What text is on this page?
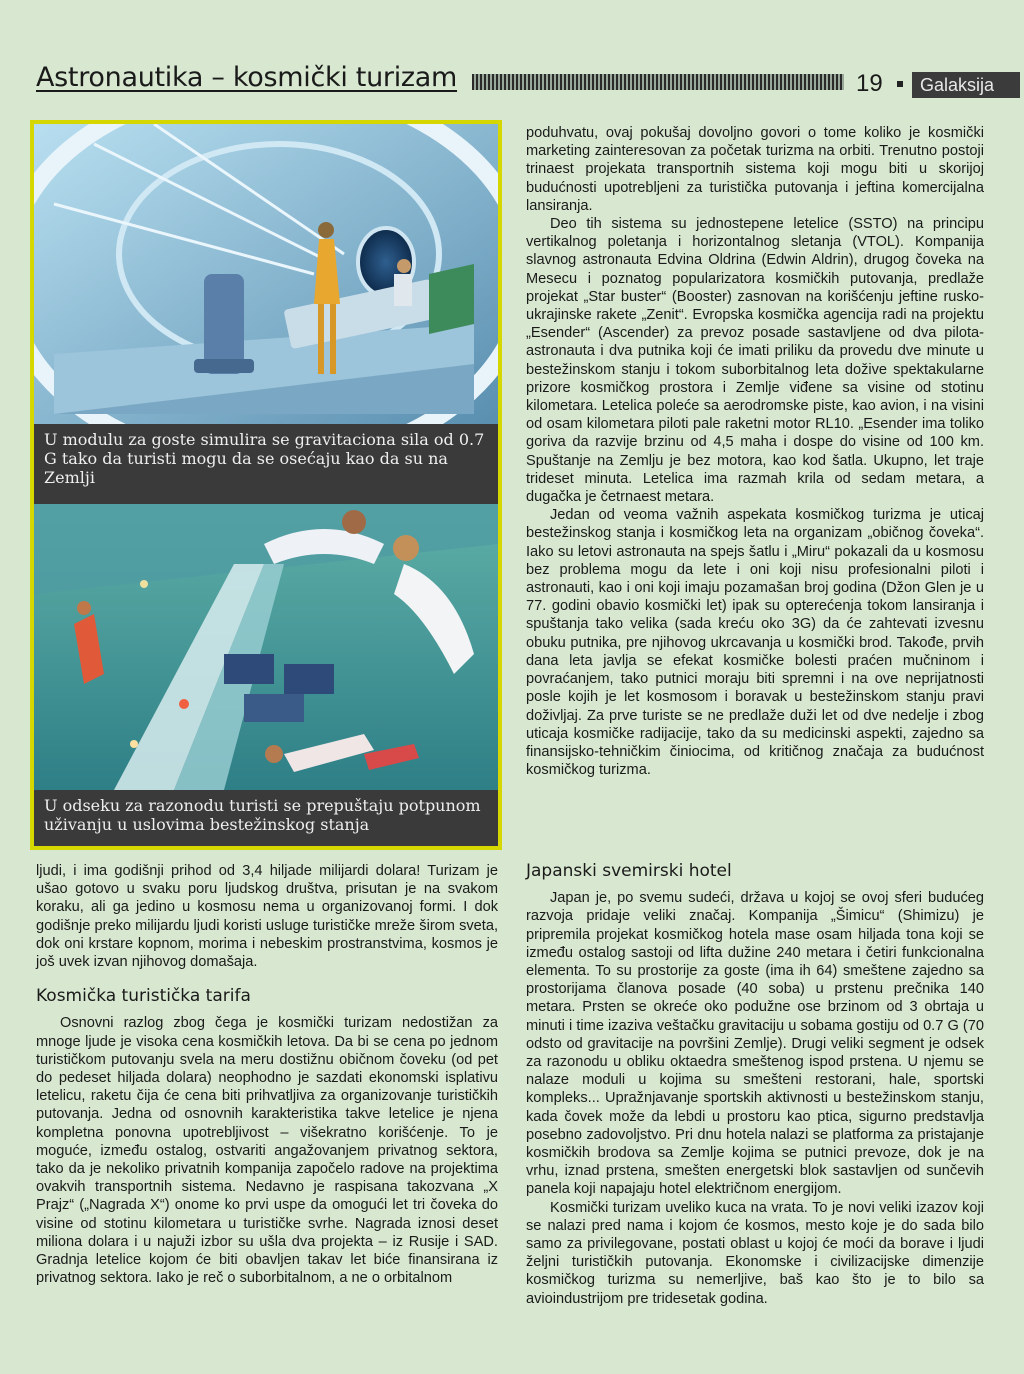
Astronautika – kosmički turizam	19	Galaksija
U modulu za goste simulira se gravitaciona sila od 0.7 G tako da turisti mogu da se osećaju kao da su na Zemlji
U odseku za razonodu turisti se prepuštaju potpunom uživanju u uslovima bestežinskog stanja

ljudi, i ima godišnji prihod od 3,4 hiljade milijardi dolara! Turizam je ušao gotovo u svaku poru ljudskog društva, prisutan je na svakom koraku, ali ga jedino u kosmosu nema u organizovanoj formi. I dok godišnje preko milijardu ljudi koristi usluge turističke mreže širom sveta, dok oni krstare kopnom, morima i nebeskim prostranstvima, kosmos je još uvek izvan njihovog domašaja.

Kosmička turistička tarifa

Osnovni razlog zbog čega je kosmički turizam nedostižan za mnoge ljude je visoka cena kosmičkih letova. Da bi se cena po jednom turističkom putovanju svela na meru dostižnu običnom čoveku (od pet do pedeset hiljada dolara) neophodno je sazdati ekonomski isplativu letelicu, raketu čija će cena biti prihvatljiva za organizovanje turističkih putovanja. Jedna od osnovnih karakteristika takve letelice je njena kompletna ponovna upotrebljivost – višekratno korišćenje. To je moguće, između ostalog, ostvariti angažovanjem privatnog sektora, tako da je nekoliko privatnih kompanija započelo radove na projektima ovakvih transportnih sistema. Nedavno je raspisana takozvana „X Prajz“ („Nagrada X“) onome ko prvi uspe da omogući let tri čoveka do visine od stotinu kilometara u turističke svrhe. Nagrada iznosi deset miliona dolara i u najuži izbor su ušla dva projekta – iz Rusije i SAD. Gradnja letelice kojom će biti obavljen takav let biće finansirana iz privatnog sektora. Iako je reč o suborbitalnom, a ne o orbitalnom

poduhvatu, ovaj pokušaj dovoljno govori o tome koliko je kosmički marketing zainteresovan za početak turizma na orbiti. Trenutno postoji trinaest projekata transportnih sistema koji mogu biti u skorijoj budućnosti upotrebljeni za turistička putovanja i jeftina komercijalna lansiranja.

Deo tih sistema su jednostepene letelice (SSTO) na principu vertikalnog poletanja i horizontalnog sletanja (VTOL). Kompanija slavnog astronauta Edvina Oldrina (Edwin Aldrin), drugog čoveka na Mesecu i poznatog popularizatora kosmičkih putovanja, predlaže projekat „Star buster“ (Booster) zasnovan na korišćenju jeftine rusko-ukrajinske rakete „Zenit“. Evropska kosmička agencija radi na projektu „Esender“ (Ascender) za prevoz posade sastavljene od dva pilota-astronauta i dva putnika koji će imati priliku da provedu dve minute u bestežinskom stanju i tokom suborbitalnog leta dožive spektakularne prizore kosmičkog prostora i Zemlje viđene sa visine od stotinu kilometara. Letelica poleće sa aerodromske piste, kao avion, i na visini od osam kilometara piloti pale raketni motor RL10. „Esender ima toliko goriva da razvije brzinu od 4,5 maha i dospe do visine od 100 km. Spuštanje na Zemlju je bez motora, kao kod šatla. Ukupno, let traje trideset minuta. Letelica ima razmah krila od sedam metara, a dugačka je četrnaest metara.

Jedan od veoma važnih aspekata kosmičkog turizma je uticaj bestežinskog stanja i kosmičkog leta na organizam „običnog čoveka“. Iako su letovi astronauta na spejs šatlu i „Miru“ pokazali da u kosmosu bez problema mogu da lete i oni koji nisu profesionalni piloti i astronauti, kao i oni koji imaju pozamašan broj godina (Džon Glen je u 77. godini obavio kosmički let) ipak su opterećenja tokom lansiranja i spuštanja tako velika (sada kreću oko 3G) da će zahtevati izvesnu obuku putnika, pre njihovog ukrcavanja u kosmički brod. Takođe, prvih dana leta javlja se efekat kosmičke bolesti praćen mučninom i povraćanjem, tako putnici moraju biti spremni i na ove neprijatnosti posle kojih je let kosmosom i boravak u bestežinskom stanju pravi doživljaj. Za prve turiste se ne predlaže duži let od dve nedelje i zbog uticaja kosmičke radijacije, tako da su medicinski aspekti, zajedno sa finansijsko-tehničkim činiocima, od kritičnog značaja za budućnost kosmičkog turizma.

Japanski svemirski hotel

Japan je, po svemu sudeći, država u kojoj se ovoj sferi budućeg razvoja pridaje veliki značaj. Kompanija „Šimicu“ (Shimizu) je pripremila projekat kosmičkog hotela mase osam hiljada tona koji se između ostalog sastoji od lifta dužine 240 metara i četiri funkcionalna elementa. To su prostorije za goste (ima ih 64) smeštene zajedno sa prostorijama članova posade (40 soba) u prstenu prečnika 140 metara. Prsten se okreće oko podužne ose brzinom od 3 obrtaja u minuti i time izaziva veštačku gravitaciju u sobama gostiju od 0.7 G (70 odsto od gravitacije na površini Zemlje). Drugi veliki segment je odsek za razonodu u obliku oktaedra smeštenog ispod prstena. U njemu se nalaze moduli u kojima su smešteni restorani, hale, sportski kompleks... Upražnjavanje sportskih aktivnosti u bestežinskom stanju, kada čovek može da lebdi u prostoru kao ptica, sigurno predstavlja posebno zadovoljstvo. Pri dnu hotela nalazi se platforma za pristajanje kosmičkih brodova sa Zemlje kojima se putnici prevoze, dok je na vrhu, iznad prstena, smešten energetski blok sastavljen od sunčevih panela koji napajaju hotel električnom energijom.

Kosmički turizam uveliko kuca na vrata. To je novi veliki izazov koji se nalazi pred nama i kojom će kosmos, mesto koje je do sada bilo samo za privilegovane, postati oblast u kojoj će moći da borave i ljudi željni turističkih putovanja. Ekonomske i civilizacijske dimenzije kosmičkog turizma su nemerljive, baš kao što je to bilo sa avioindustrijom pre tridesetak godina.
